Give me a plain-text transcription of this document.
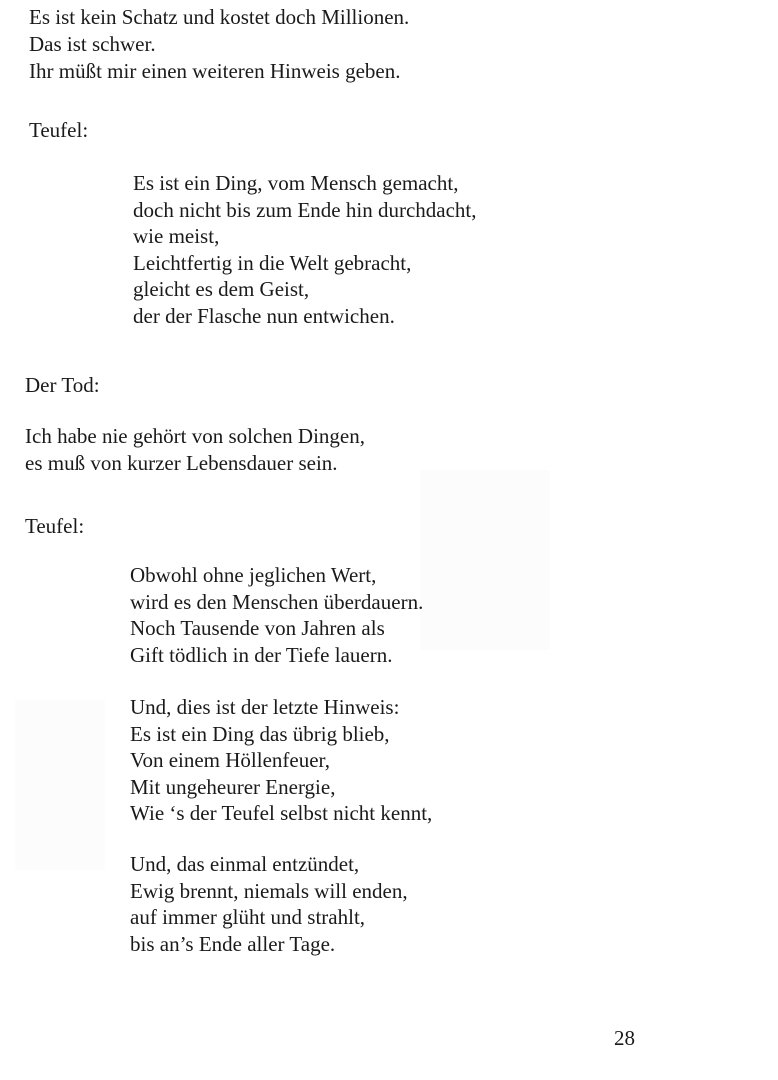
Es ist kein Schatz und kostet doch Millionen.
Das ist schwer.
Ihr müßt mir einen weiteren Hinweis geben.
Teufel:
Es ist ein Ding, vom Mensch gemacht,
doch nicht bis zum Ende hin durchdacht,
wie meist,
Leichtfertig in die Welt gebracht,
gleicht es dem Geist,
der der Flasche nun entwichen.
Der Tod:
Ich habe nie gehört von solchen Dingen,
es muß von kurzer Lebensdauer sein.
Teufel:
Obwohl ohne jeglichen Wert,
wird es den Menschen überdauern.
Noch Tausende von Jahren als
Gift tödlich in der Tiefe lauern.
Und, dies ist der letzte Hinweis:
Es ist ein Ding das übrig blieb,
Von einem Höllenfeuer,
Mit ungeheurer Energie,
Wie ‘s der Teufel selbst nicht kennt,
Und, das einmal entzündet,
Ewig brennt, niemals will enden,
auf immer glüht und strahlt,
bis an’s Ende aller Tage.
28
